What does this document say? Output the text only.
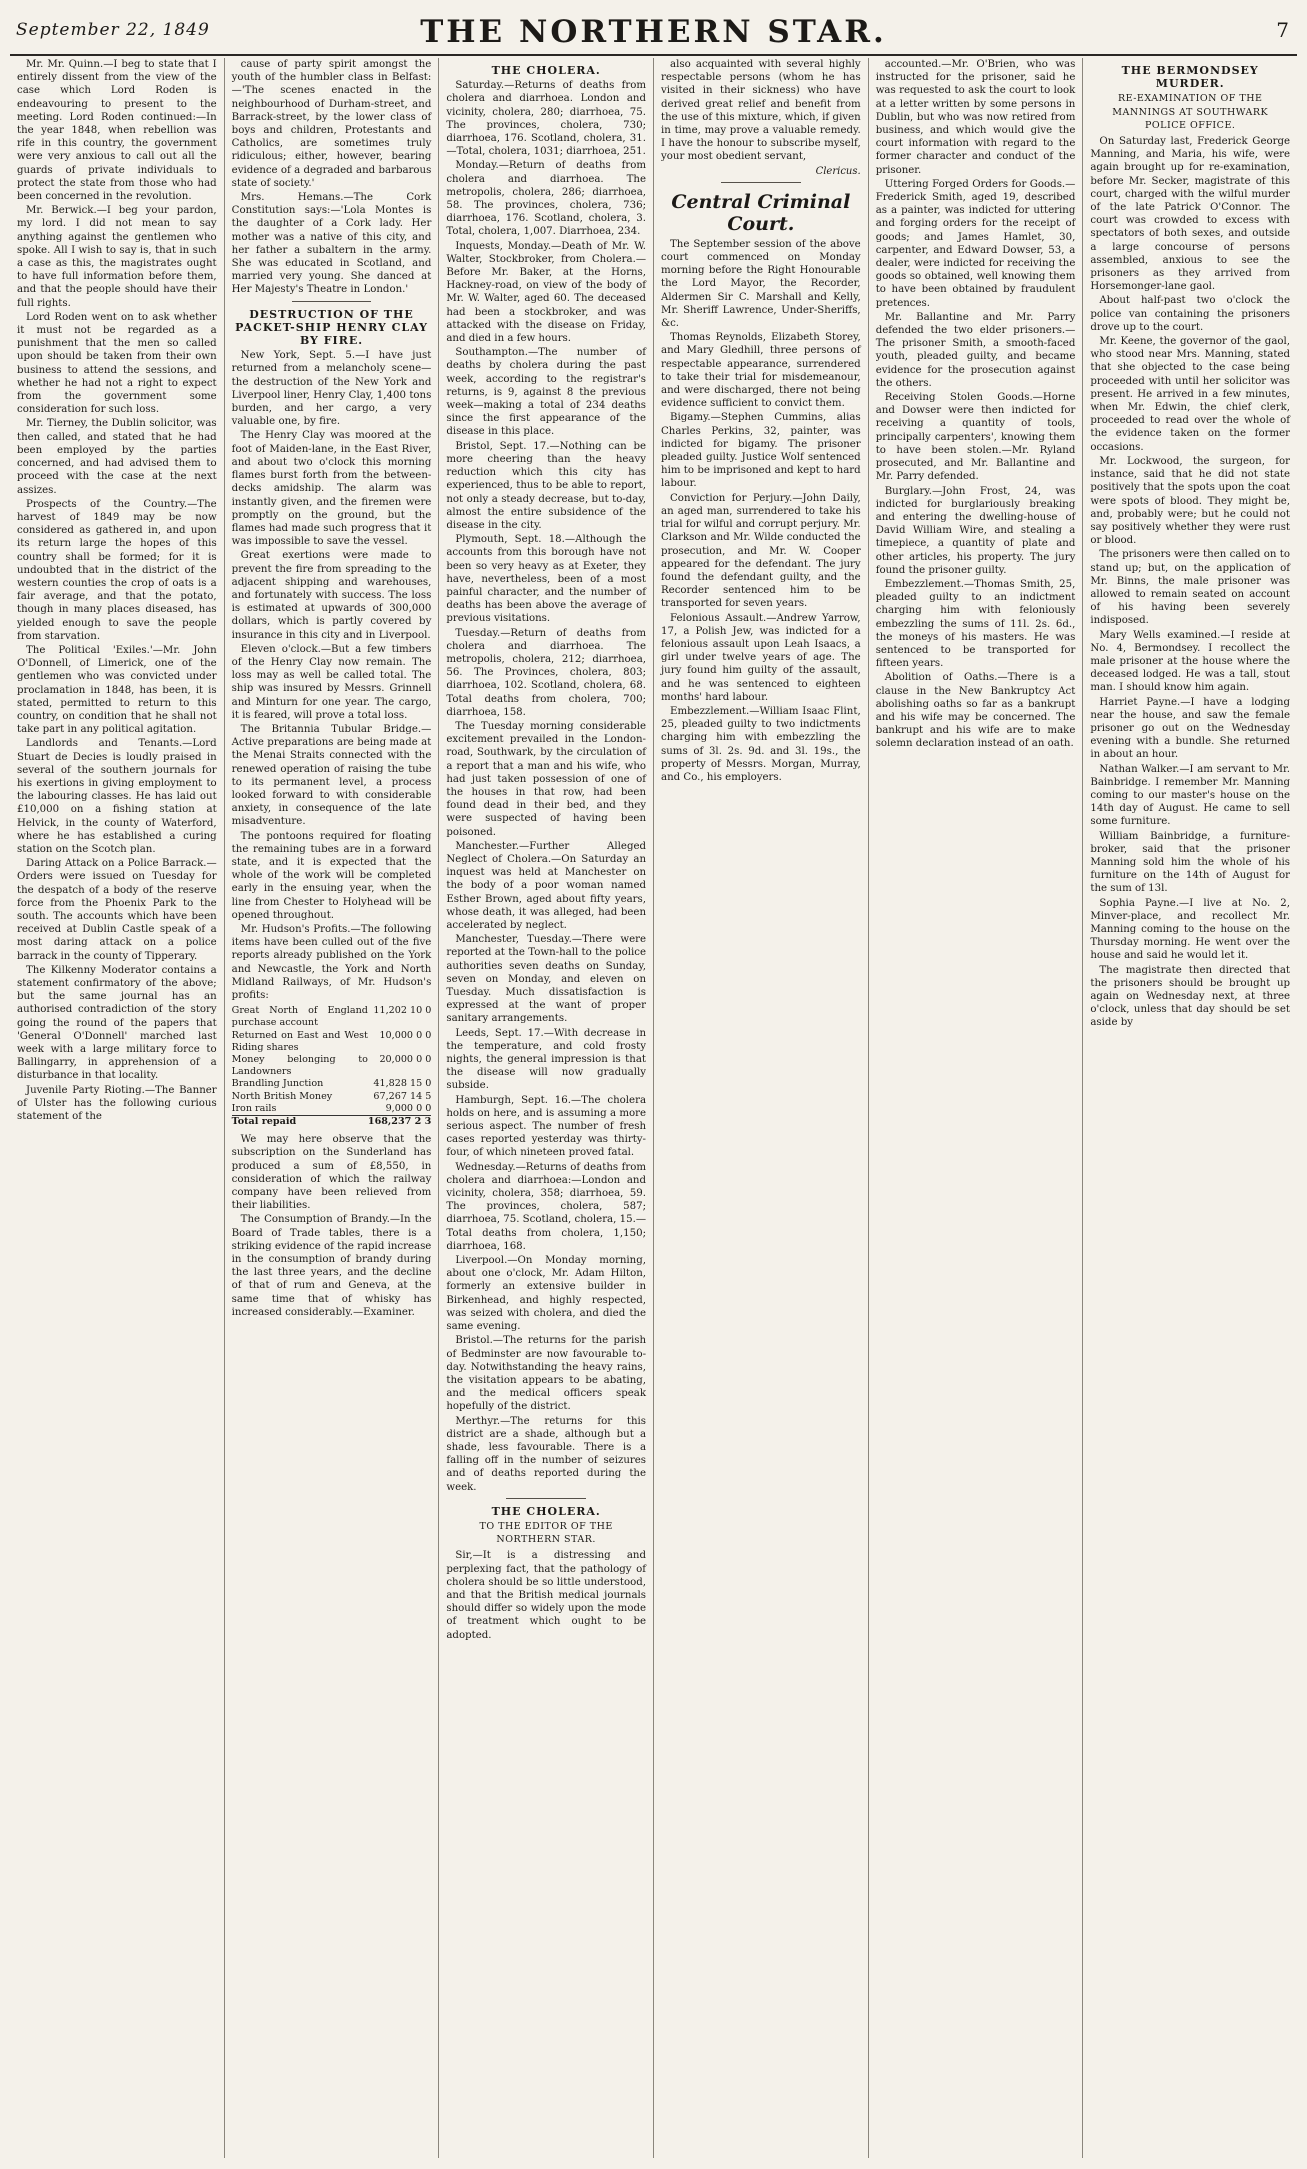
September 22, 1849	THE NORTHERN STAR.	7

Mr. Mr. Quinn.—I beg to state that I entirely dissent from the view of the case which Lord Roden is endeavouring to present to the meeting. Lord Roden continued:—In the year 1848, when rebellion was rife in this country, the government were very anxious to call out all the guards of private individuals to protect the state from those who had been concerned in the revolution.

Mr. Berwick.—I beg your pardon, my lord. I did not mean to say anything against the gentlemen who spoke. All I wish to say is, that in such a case as this, the magistrates ought to have full information before them, and that the people should have their full rights.

Lord Roden went on to ask whether it must not be regarded as a punishment that the men so called upon should be taken from their own business to attend the sessions, and whether he had not a right to expect from the government some consideration for such loss.

Mr. Tierney, the Dublin solicitor, was then called, and stated that he had been employed by the parties concerned, and had advised them to proceed with the case at the next assizes.

Prospects of the Country.—The harvest of 1849 may be now considered as gathered in, and upon its return large the hopes of this country shall be formed; for it is undoubted that in the district of the western counties the crop of oats is a fair average, and that the potato, though in many places diseased, has yielded enough to save the people from starvation.

The Political 'Exiles.'—Mr. John O'Donnell, of Limerick, one of the gentlemen who was convicted under proclamation in 1848, has been, it is stated, permitted to return to this country, on condition that he shall not take part in any political agitation.

Landlords and Tenants.—Lord Stuart de Decies is loudly praised in several of the southern journals for his exertions in giving employment to the labouring classes. He has laid out £10,000 on a fishing station at Helvick, in the county of Waterford, where he has established a curing station on the Scotch plan.

Daring Attack on a Police Barrack.—Orders were issued on Tuesday for the despatch of a body of the reserve force from the Phoenix Park to the south. The accounts which have been received at Dublin Castle speak of a most daring attack on a police barrack in the county of Tipperary.

The Kilkenny Moderator contains a statement confirmatory of the above; but the same journal has an authorised contradiction of the story going the round of the papers that 'General O'Donnell' marched last week with a large military force to Ballingarry, in apprehension of a disturbance in that locality.

Juvenile Party Rioting.—The Banner of Ulster has the following curious statement of the

cause of party spirit amongst the youth of the humbler class in Belfast:—'The scenes enacted in the neighbourhood of Durham-street, and Barrack-street, by the lower class of boys and children, Protestants and Catholics, are sometimes truly ridiculous; either, however, bearing evidence of a degraded and barbarous state of society.'

Mrs. Hemans.—The Cork Constitution says:—'Lola Montes is the daughter of a Cork lady. Her mother was a native of this city, and her father a subaltern in the army. She was educated in Scotland, and married very young. She danced at Her Majesty's Theatre in London.'

DESTRUCTION OF THE PACKET-SHIP HENRY CLAY BY FIRE.

New York, Sept. 5.—I have just returned from a melancholy scene—the destruction of the New York and Liverpool liner, Henry Clay, 1,400 tons burden, and her cargo, a very valuable one, by fire.

The Henry Clay was moored at the foot of Maiden-lane, in the East River, and about two o'clock this morning flames burst forth from the between-decks amidship. The alarm was instantly given, and the firemen were promptly on the ground, but the flames had made such progress that it was impossible to save the vessel.

Great exertions were made to prevent the fire from spreading to the adjacent shipping and warehouses, and fortunately with success. The loss is estimated at upwards of 300,000 dollars, which is partly covered by insurance in this city and in Liverpool.

Eleven o'clock.—But a few timbers of the Henry Clay now remain. The loss may as well be called total. The ship was insured by Messrs. Grinnell and Minturn for one year. The cargo, it is feared, will prove a total loss.

The Britannia Tubular Bridge.—Active preparations are being made at the Menai Straits connected with the renewed operation of raising the tube to its permanent level, a process looked forward to with considerable anxiety, in consequence of the late misadventure.

The pontoons required for floating the remaining tubes are in a forward state, and it is expected that the whole of the work will be completed early in the ensuing year, when the line from Chester to Holyhead will be opened throughout.

Mr. Hudson's Profits.—The following items have been culled out of the five reports already published on the York and Newcastle, the York and North Midland Railways, of Mr. Hudson's profits:

Great North of England purchase account	11,202 10 0
Returned on East and West Riding shares	10,000 0 0
Money belonging to Landowners	20,000 0 0
Brandling Junction	41,828 15 0
North British Money	67,267 14 5
Iron rails	9,000 0 0
Total repaid	168,237 2 3

We may here observe that the subscription on the Sunderland has produced a sum of £8,550, in consideration of which the railway company have been relieved from their liabilities.

The Consumption of Brandy.—In the Board of Trade tables, there is a striking evidence of the rapid increase in the consumption of brandy during the last three years, and the decline of that of rum and Geneva, at the same time that of whisky has increased considerably.—Examiner.

THE CHOLERA.

Saturday.—Returns of deaths from cholera and diarrhoea. London and vicinity, cholera, 280; diarrhoea, 75. The provinces, cholera, 730; diarrhoea, 176. Scotland, cholera, 31.—Total, cholera, 1031; diarrhoea, 251.

Monday.—Return of deaths from cholera and diarrhoea. The metropolis, cholera, 286; diarrhoea, 58. The provinces, cholera, 736; diarrhoea, 176. Scotland, cholera, 3. Total, cholera, 1,007. Diarrhoea, 234.

Inquests, Monday.—Death of Mr. W. Walter, Stockbroker, from Cholera.—Before Mr. Baker, at the Horns, Hackney-road, on view of the body of Mr. W. Walter, aged 60. The deceased had been a stockbroker, and was attacked with the disease on Friday, and died in a few hours.

Southampton.—The number of deaths by cholera during the past week, according to the registrar's returns, is 9, against 8 the previous week—making a total of 234 deaths since the first appearance of the disease in this place.

Bristol, Sept. 17.—Nothing can be more cheering than the heavy reduction which this city has experienced, thus to be able to report, not only a steady decrease, but to-day, almost the entire subsidence of the disease in the city.

Plymouth, Sept. 18.—Although the accounts from this borough have not been so very heavy as at Exeter, they have, nevertheless, been of a most painful character, and the number of deaths has been above the average of previous visitations.

Tuesday.—Return of deaths from cholera and diarrhoea. The metropolis, cholera, 212; diarrhoea, 56. The Provinces, cholera, 803; diarrhoea, 102. Scotland, cholera, 68. Total deaths from cholera, 700; diarrhoea, 158.

The Tuesday morning considerable excitement prevailed in the London-road, Southwark, by the circulation of a report that a man and his wife, who had just taken possession of one of the houses in that row, had been found dead in their bed, and they were suspected of having been poisoned.

Manchester.—Further Alleged Neglect of Cholera.—On Saturday an inquest was held at Manchester on the body of a poor woman named Esther Brown, aged about fifty years, whose death, it was alleged, had been accelerated by neglect.

Manchester, Tuesday.—There were reported at the Town-hall to the police authorities seven deaths on Sunday, seven on Monday, and eleven on Tuesday. Much dissatisfaction is expressed at the want of proper sanitary arrangements.

Leeds, Sept. 17.—With decrease in the temperature, and cold frosty nights, the general impression is that the disease will now gradually subside.

Hamburgh, Sept. 16.—The cholera holds on here, and is assuming a more serious aspect. The number of fresh cases reported yesterday was thirty-four, of which nineteen proved fatal.

Wednesday.—Returns of deaths from cholera and diarrhoea:—London and vicinity, cholera, 358; diarrhoea, 59. The provinces, cholera, 587; diarrhoea, 75. Scotland, cholera, 15.—Total deaths from cholera, 1,150; diarrhoea, 168.

Liverpool.—On Monday morning, about one o'clock, Mr. Adam Hilton, formerly an extensive builder in Birkenhead, and highly respected, was seized with cholera, and died the same evening.

Bristol.—The returns for the parish of Bedminster are now favourable to-day. Notwithstanding the heavy rains, the visitation appears to be abating, and the medical officers speak hopefully of the district.

Merthyr.—The returns for this district are a shade, although but a shade, less favourable. There is a falling off in the number of seizures and of deaths reported during the week.

THE CHOLERA.
TO THE EDITOR OF THE NORTHERN STAR.

Sir,—It is a distressing and perplexing fact, that the pathology of cholera should be so little understood, and that the British medical journals should differ so widely upon the mode of treatment which ought to be adopted.

also acquainted with several highly respectable persons (whom he has visited in their sickness) who have derived great relief and benefit from the use of this mixture, which, if given in time, may prove a valuable remedy. I have the honour to subscribe myself, your most obedient servant,

Clericus.
Central Criminal Court.

The September session of the above court commenced on Monday morning before the Right Honourable the Lord Mayor, the Recorder, Aldermen Sir C. Marshall and Kelly, Mr. Sheriff Lawrence, Under-Sheriffs, &c.

Thomas Reynolds, Elizabeth Storey, and Mary Gledhill, three persons of respectable appearance, surrendered to take their trial for misdemeanour, and were discharged, there not being evidence sufficient to convict them.

Bigamy.—Stephen Cummins, alias Charles Perkins, 32, painter, was indicted for bigamy. The prisoner pleaded guilty. Justice Wolf sentenced him to be imprisoned and kept to hard labour.

Conviction for Perjury.—John Daily, an aged man, surrendered to take his trial for wilful and corrupt perjury. Mr. Clarkson and Mr. Wilde conducted the prosecution, and Mr. W. Cooper appeared for the defendant. The jury found the defendant guilty, and the Recorder sentenced him to be transported for seven years.

Felonious Assault.—Andrew Yarrow, 17, a Polish Jew, was indicted for a felonious assault upon Leah Isaacs, a girl under twelve years of age. The jury found him guilty of the assault, and he was sentenced to eighteen months' hard labour.

Embezzlement.—William Isaac Flint, 25, pleaded guilty to two indictments charging him with embezzling the sums of 3l. 2s. 9d. and 3l. 19s., the property of Messrs. Morgan, Murray, and Co., his employers.

accounted.—Mr. O'Brien, who was instructed for the prisoner, said he was requested to ask the court to look at a letter written by some persons in Dublin, but who was now retired from business, and which would give the court information with regard to the former character and conduct of the prisoner.

Uttering Forged Orders for Goods.—Frederick Smith, aged 19, described as a painter, was indicted for uttering and forging orders for the receipt of goods; and James Hamlet, 30, carpenter, and Edward Dowser, 53, a dealer, were indicted for receiving the goods so obtained, well knowing them to have been obtained by fraudulent pretences.

Mr. Ballantine and Mr. Parry defended the two elder prisoners.—The prisoner Smith, a smooth-faced youth, pleaded guilty, and became evidence for the prosecution against the others.

Receiving Stolen Goods.—Horne and Dowser were then indicted for receiving a quantity of tools, principally carpenters', knowing them to have been stolen.—Mr. Ryland prosecuted, and Mr. Ballantine and Mr. Parry defended.

Burglary.—John Frost, 24, was indicted for burglariously breaking and entering the dwelling-house of David William Wire, and stealing a timepiece, a quantity of plate and other articles, his property. The jury found the prisoner guilty.

Embezzlement.—Thomas Smith, 25, pleaded guilty to an indictment charging him with feloniously embezzling the sums of 11l. 2s. 6d., the moneys of his masters. He was sentenced to be transported for fifteen years.

Abolition of Oaths.—There is a clause in the New Bankruptcy Act abolishing oaths so far as a bankrupt and his wife may be concerned. The bankrupt and his wife are to make solemn declaration instead of an oath.

THE BERMONDSEY MURDER.
RE-EXAMINATION OF THE MANNINGS AT SOUTHWARK POLICE OFFICE.

On Saturday last, Frederick George Manning, and Maria, his wife, were again brought up for re-examination, before Mr. Secker, magistrate of this court, charged with the wilful murder of the late Patrick O'Connor. The court was crowded to excess with spectators of both sexes, and outside a large concourse of persons assembled, anxious to see the prisoners as they arrived from Horsemonger-lane gaol.

About half-past two o'clock the police van containing the prisoners drove up to the court.

Mr. Keene, the governor of the gaol, who stood near Mrs. Manning, stated that she objected to the case being proceeded with until her solicitor was present. He arrived in a few minutes, when Mr. Edwin, the chief clerk, proceeded to read over the whole of the evidence taken on the former occasions.

Mr. Lockwood, the surgeon, for instance, said that he did not state positively that the spots upon the coat were spots of blood. They might be, and, probably were; but he could not say positively whether they were rust or blood.

The prisoners were then called on to stand up; but, on the application of Mr. Binns, the male prisoner was allowed to remain seated on account of his having been severely indisposed.

Mary Wells examined.—I reside at No. 4, Bermondsey. I recollect the male prisoner at the house where the deceased lodged. He was a tall, stout man. I should know him again.

Harriet Payne.—I have a lodging near the house, and saw the female prisoner go out on the Wednesday evening with a bundle. She returned in about an hour.

Nathan Walker.—I am servant to Mr. Bainbridge. I remember Mr. Manning coming to our master's house on the 14th day of August. He came to sell some furniture.

William Bainbridge, a furniture-broker, said that the prisoner Manning sold him the whole of his furniture on the 14th of August for the sum of 13l.

Sophia Payne.—I live at No. 2, Minver-place, and recollect Mr. Manning coming to the house on the Thursday morning. He went over the house and said he would let it.

The magistrate then directed that the prisoners should be brought up again on Wednesday next, at three o'clock, unless that day should be set aside by
